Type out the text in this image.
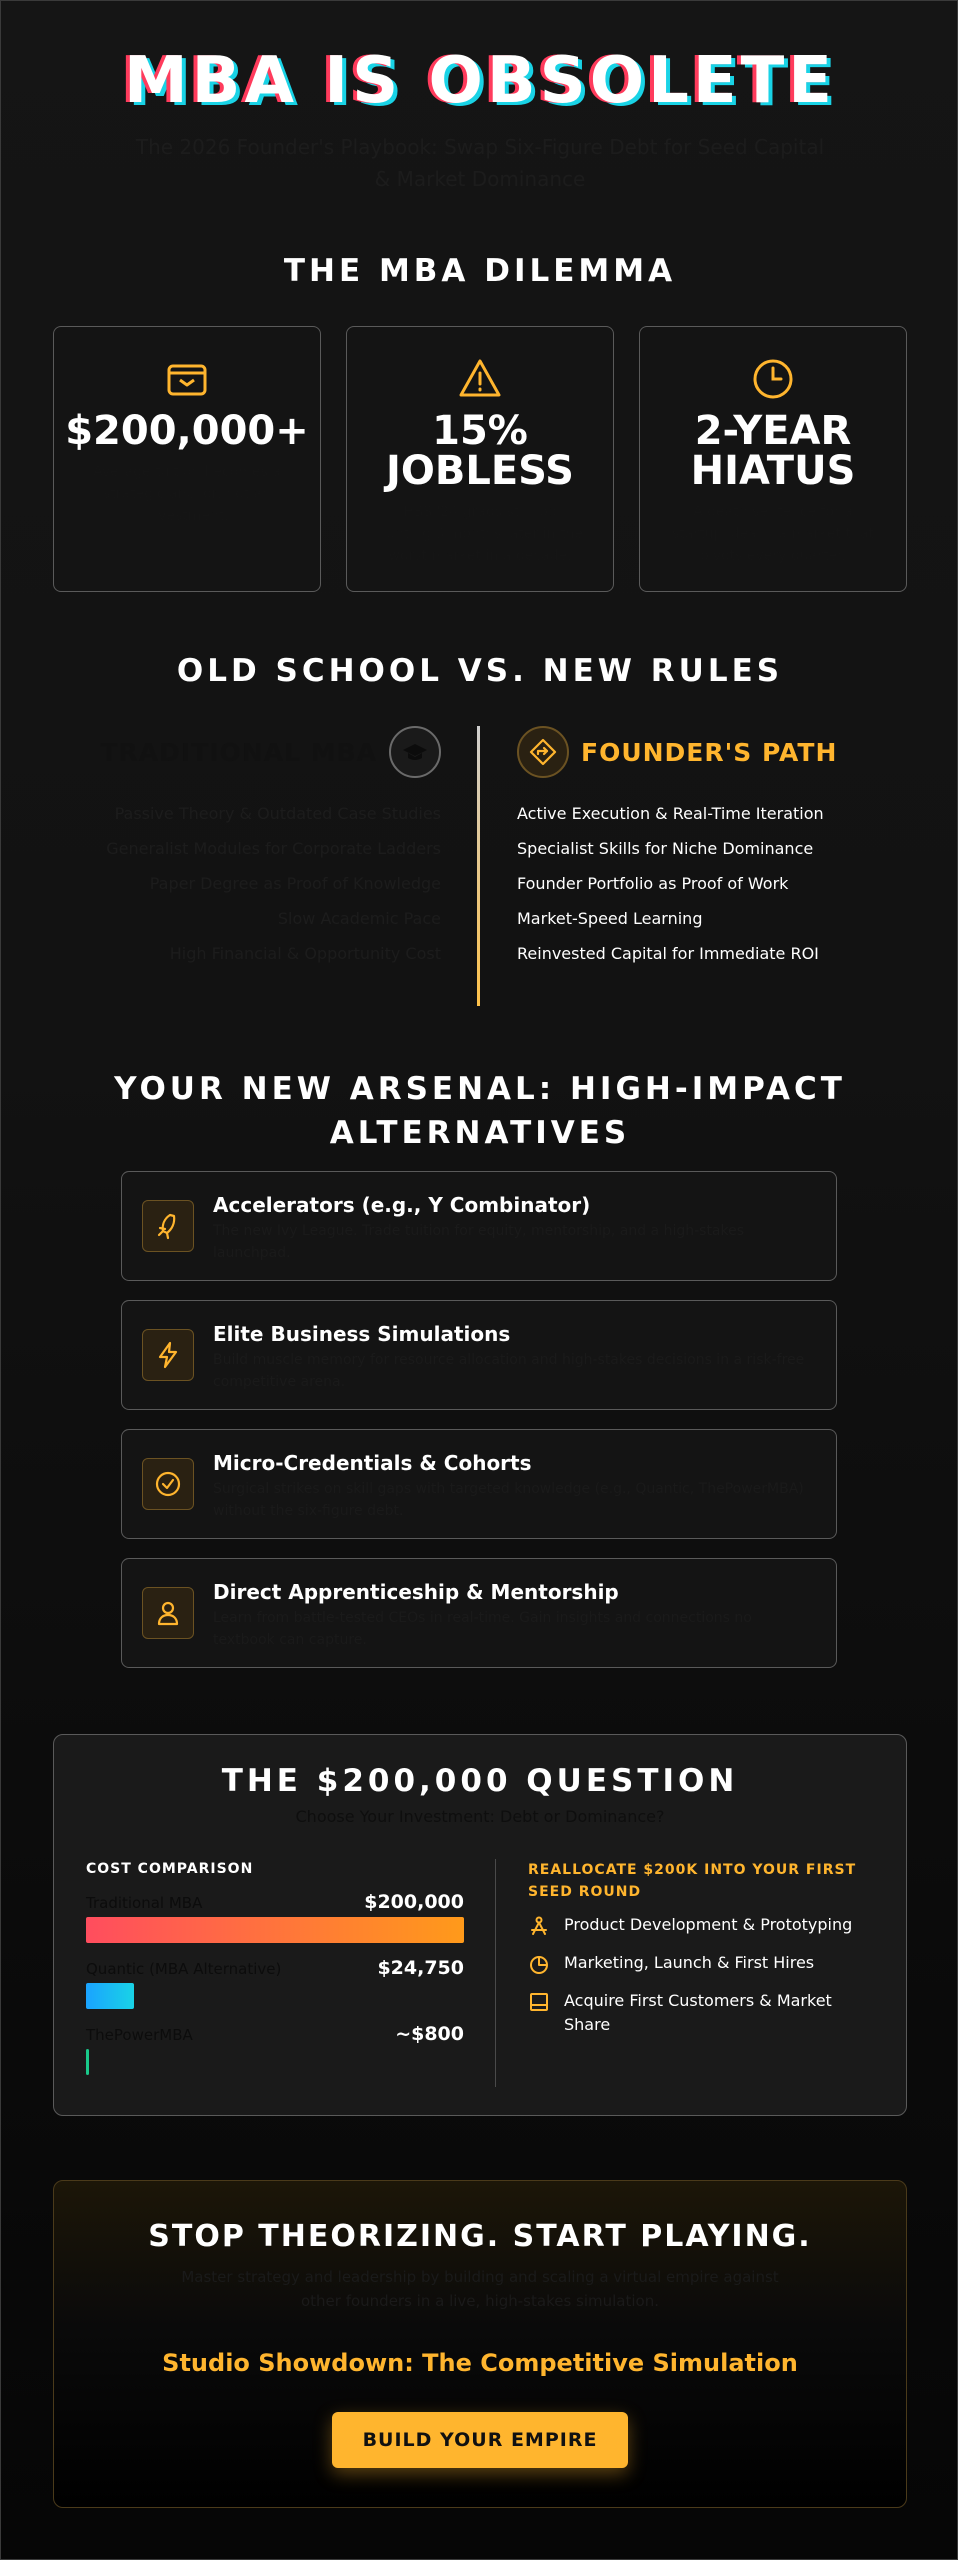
MBA IS OBSOLETE
The 2026 Founder's Playbook: Swap Six-Figure Debt for Seed Capital & Market Dominance
THE MBA DILEMMA
$200,000+
Average tuition becomes a strategic anchor, not an investment.
15% JOBLESS
HBS '24 grads still job hunting 3 months later in the worst market in a decade.
2-YEAR HIATUS
A death sentence for a startup idea in a market that pivots every quarter.
OLD SCHOOL VS. NEW RULES
TRADITIONAL MBA
Passive Theory & Outdated Case Studies
Generalist Modules for Corporate Ladders
Paper Degree as Proof of Knowledge
Slow Academic Pace
High Financial & Opportunity Cost
FOUNDER'S PATH
Active Execution & Real-Time Iteration
Specialist Skills for Niche Dominance
Founder Portfolio as Proof of Work
Market-Speed Learning
Reinvested Capital for Immediate ROI
YOUR NEW ARSENAL: HIGH-IMPACT ALTERNATIVES
Accelerators (e.g., Y Combinator)
The new Ivy League. Trade tuition for equity, mentorship, and a high-stakes launchpad.
Elite Business Simulations
Build muscle memory for resource allocation and high-stakes decisions in a risk-free competitive arena.
Micro-Credentials & Cohorts
Surgical strikes on skill gaps with targeted knowledge (e.g., Quantic, ThePowerMBA) without the six-figure debt.
Direct Apprenticeship & Mentorship
Learn from battle-tested CEOs in real-time. Gain insights and connections no textbook can capture.
THE $200,000 QUESTION
Choose Your Investment: Debt or Dominance?
COST COMPARISON
Traditional MBA	$200,000
Quantic (MBA Alternative)	$24,750
ThePowerMBA	~$800
REALLOCATE $200K INTO YOUR FIRST SEED ROUND
Product Development & Prototyping
Marketing, Launch & First Hires
Acquire First Customers & Market Share
STOP THEORIZING. START PLAYING.
Master strategy and leadership by building and scaling a virtual empire against other founders in a live, high-stakes simulation.
Studio Showdown: The Competitive Simulation
BUILD YOUR EMPIRE
